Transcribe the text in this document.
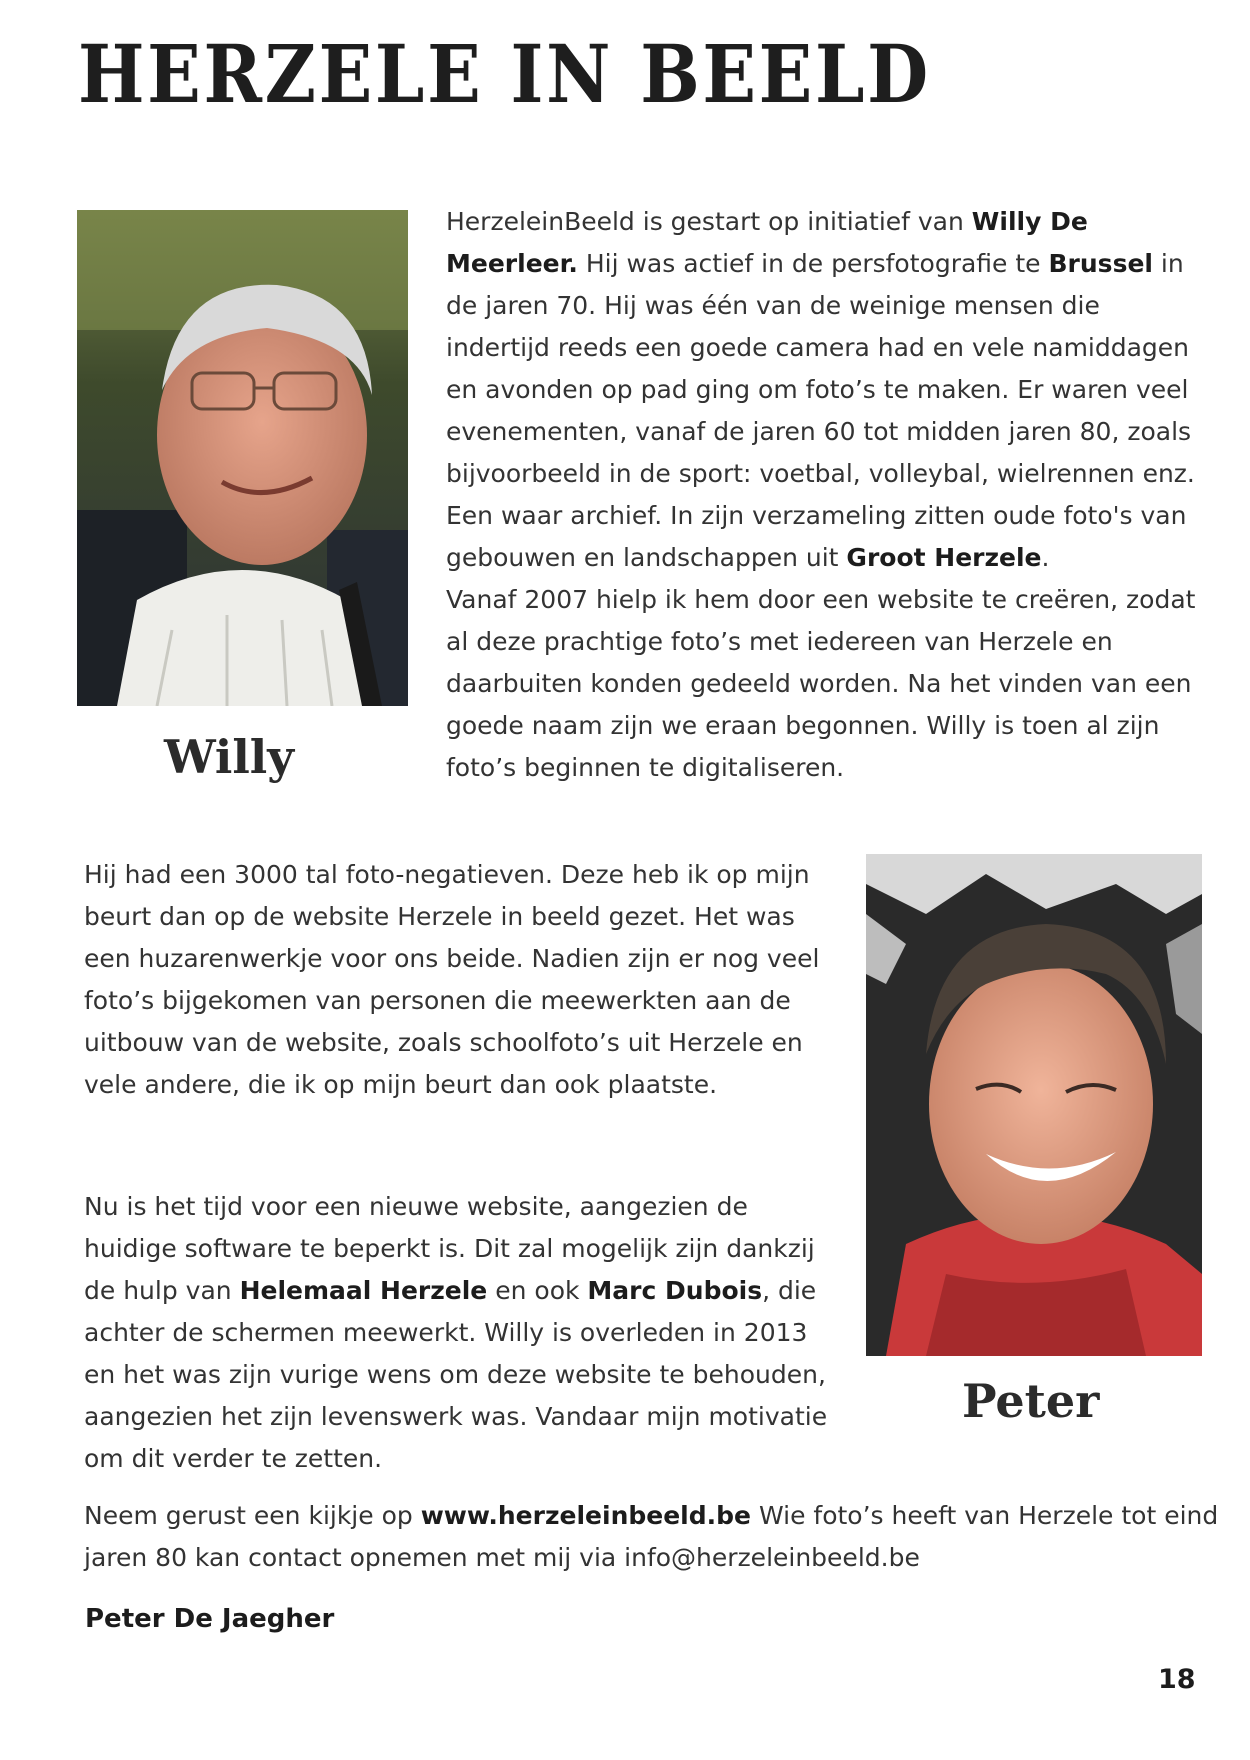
HERZELE IN BEELD

Willy

HerzeleinBeeld is gestart op initiatief van Willy De Meerleer. Hij was actief in de persfotografie te Brussel in de jaren 70. Hij was één van de weinige mensen die indertijd reeds een goede camera had en vele namiddagen en avonden op pad ging om foto’s te maken. Er waren veel evenementen, vanaf de jaren 60 tot midden jaren 80, zoals bijvoorbeeld in de sport: voetbal, volleybal, wielrennen enz. Een waar archief. In zijn verzameling zitten oude foto's van gebouwen en landschappen uit Groot Herzele.
Vanaf 2007 hielp ik hem door een website te creëren, zodat al deze prachtige foto’s met iedereen van Herzele en daarbuiten konden gedeeld worden. Na het vinden van een goede naam zijn we eraan begonnen. Willy is toen al zijn foto’s beginnen te digitaliseren.

Hij had een 3000 tal foto-negatieven. Deze heb ik op mijn beurt dan op de website Herzele in beeld gezet. Het was een huzarenwerkje voor ons beide. Nadien zijn er nog veel foto’s bijgekomen van personen die meewerkten aan de uitbouw van de website, zoals schoolfoto’s uit Herzele en vele andere, die ik op mijn beurt dan ook plaatste.

Nu is het tijd voor een nieuwe website, aangezien de huidige software te beperkt is. Dit zal mogelijk zijn dankzij de hulp van Helemaal Herzele en ook Marc Dubois, die achter de schermen meewerkt. Willy is overleden in 2013 en het was zijn vurige wens om deze website te behouden, aangezien het zijn levenswerk was. Vandaar mijn motivatie om dit verder te zetten.

Peter

Neem gerust een kijkje op www.herzeleinbeeld.be Wie foto’s heeft van Herzele tot eind jaren 80 kan contact opnemen met mij via info@herzeleinbeeld.be

Peter De Jaegher

18
